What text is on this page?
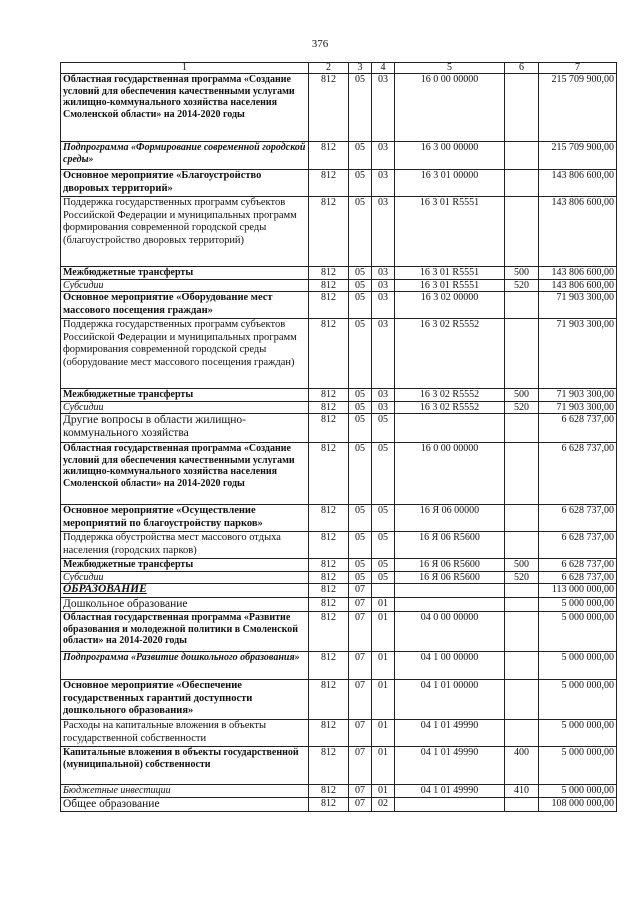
376
1	2	3	4	5	6	7
Областная государственная программа «Создание условий для обеспечения качественными услугами жилищно-коммунального хозяйства населения Смоленской области» на 2014-2020 годы	812	05	03	16 0 00 00000		215 709 900,00
Подпрограмма «Формирование современной городской среды»	812	05	03	16 3 00 00000		215 709 900,00
Основное мероприятие «Благоустройство дворовых территорий»	812	05	03	16 3 01 00000		143 806 600,00
Поддержка государственных программ субъектов Российской Федерации и муниципальных программ формирования современной городской среды (благоустройство дворовых территорий)	812	05	03	16 3 01 R5551		143 806 600,00
Межбюджетные трансферты	812	05	03	16 3 01 R5551	500	143 806 600,00
Субсидии	812	05	03	16 3 01 R5551	520	143 806 600,00
Основное мероприятие «Оборудование мест массового посещения граждан»	812	05	03	16 3 02 00000		71 903 300,00
Поддержка государственных программ субъектов Российской Федерации и муниципальных программ формирования современной городской среды (оборудование мест массового посещения граждан)	812	05	03	16 3 02 R5552		71 903 300,00
Межбюджетные трансферты	812	05	03	16 3 02 R5552	500	71 903 300,00
Субсидии	812	05	03	16 3 02 R5552	520	71 903 300,00
Другие вопросы в области жилищно-коммунального хозяйства	812	05	05			6 628 737,00
Областная государственная программа «Создание условий для обеспечения качественными услугами жилищно-коммунального хозяйства населения Смоленской области» на 2014-2020 годы	812	05	05	16 0 00 00000		6 628 737,00
Основное мероприятие «Осуществление мероприятий по благоустройству парков»	812	05	05	16 Я 06 00000		6 628 737,00
Поддержка обустройства мест массового отдыха населения (городских парков)	812	05	05	16 Я 06 R5600		6 628 737,00
Межбюджетные трансферты	812	05	05	16 Я 06 R5600	500	6 628 737,00
Субсидии	812	05	05	16 Я 06 R5600	520	6 628 737,00
ОБРАЗОВАНИЕ	812	07				113 000 000,00
Дошкольное образование	812	07	01			5 000 000,00
Областная государственная программа «Развитие образования и молодежной политики в Смоленской области» на 2014-2020 годы	812	07	01	04 0 00 00000		5 000 000,00
Подпрограмма «Развитие дошкольного образования»	812	07	01	04 1 00 00000		5 000 000,00
Основное мероприятие «Обеспечение государственных гарантий доступности дошкольного образования»	812	07	01	04 1 01 00000		5 000 000,00
Расходы на капитальные вложения в объекты государственной собственности	812	07	01	04 1 01 49990		5 000 000,00
Капитальные вложения в объекты государственной (муниципальной) собственности	812	07	01	04 1 01 49990	400	5 000 000,00
Бюджетные инвестиции	812	07	01	04 1 01 49990	410	5 000 000,00
Общее образование	812	07	02			108 000 000,00
